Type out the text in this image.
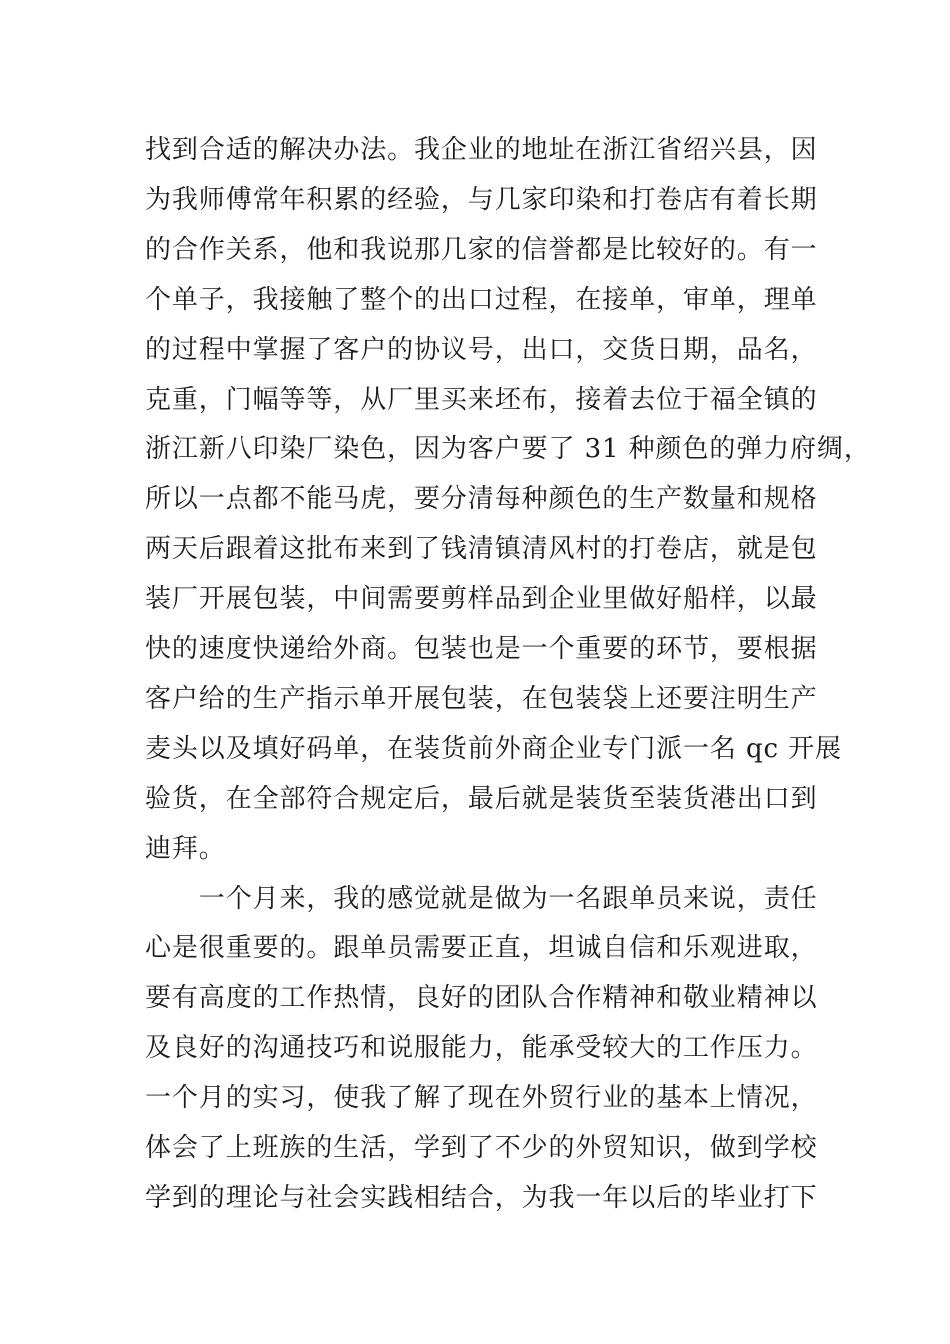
找到合适的解决办法。我企业的地址在浙江省绍兴县，因
为我师傅常年积累的经验，与几家印染和打卷店有着长期
的合作关系，他和我说那几家的信誉都是比较好的。有一
个单子，我接触了整个的出口过程，在接单，审单，理单
的过程中掌握了客户的协议号，出口，交货日期，品名，
克重，门幅等等，从厂里买来坯布，接着去位于福全镇的
浙江新八印染厂染色，因为客户要了 31 种颜色的弹力府绸，
所以一点都不能马虎，要分清每种颜色的生产数量和规格
两天后跟着这批布来到了钱清镇清风村的打卷店，就是包
装厂开展包装，中间需要剪样品到企业里做好船样，以最
快的速度快递给外商。包装也是一个重要的环节，要根据
客户给的生产指示单开展包装，在包装袋上还要注明生产
麦头以及填好码单，在装货前外商企业专门派一名 qc 开展
验货，在全部符合规定后，最后就是装货至装货港出口到
迪拜。
　　一个月来，我的感觉就是做为一名跟单员来说，责任
心是很重要的。跟单员需要正直，坦诚自信和乐观进取，
要有高度的工作热情，良好的团队合作精神和敬业精神以
及良好的沟通技巧和说服能力，能承受较大的工作压力。
一个月的实习，使我了解了现在外贸行业的基本上情况，
体会了上班族的生活，学到了不少的外贸知识，做到学校
学到的理论与社会实践相结合，为我一年以后的毕业打下
